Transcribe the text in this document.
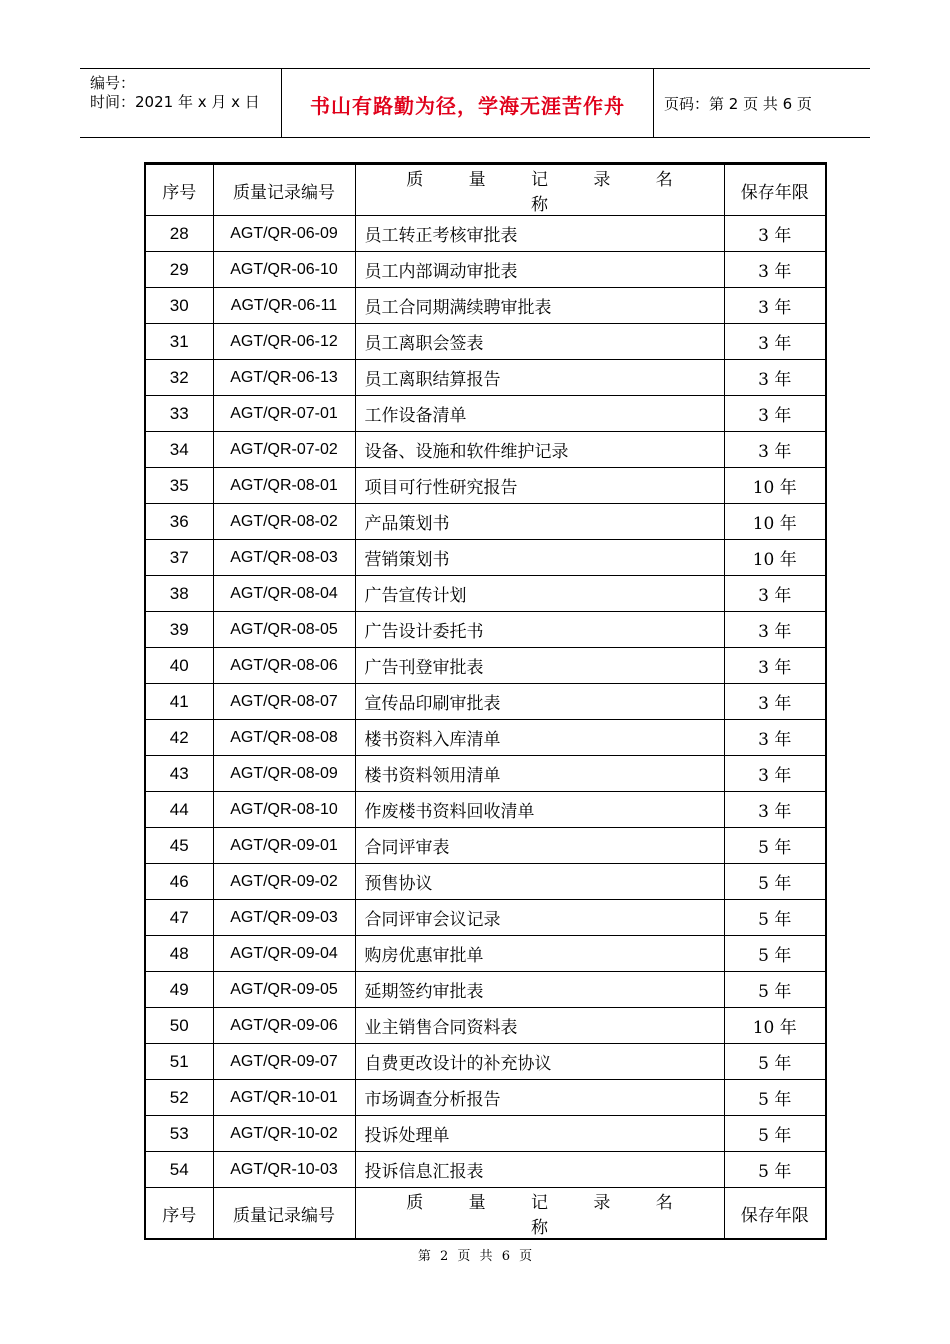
编号：
时间：2021 年 x 月 x 日	书山有路勤为径，学海无涯苦作舟	页码：第 2 页 共 6 页
序号	质量记录编号	质 量 记 录 名 称	保存年限
28	AGT/QR-06-09	员工转正考核审批表	3 年
29	AGT/QR-06-10	员工内部调动审批表	3 年
30	AGT/QR-06-11	员工合同期满续聘审批表	3 年
31	AGT/QR-06-12	员工离职会签表	3 年
32	AGT/QR-06-13	员工离职结算报告	3 年
33	AGT/QR-07-01	工作设备清单	3 年
34	AGT/QR-07-02	设备、设施和软件维护记录	3 年
35	AGT/QR-08-01	项目可行性研究报告	10 年
36	AGT/QR-08-02	产品策划书	10 年
37	AGT/QR-08-03	营销策划书	10 年
38	AGT/QR-08-04	广告宣传计划	3 年
39	AGT/QR-08-05	广告设计委托书	3 年
40	AGT/QR-08-06	广告刊登审批表	3 年
41	AGT/QR-08-07	宣传品印刷审批表	3 年
42	AGT/QR-08-08	楼书资料入库清单	3 年
43	AGT/QR-08-09	楼书资料领用清单	3 年
44	AGT/QR-08-10	作废楼书资料回收清单	3 年
45	AGT/QR-09-01	合同评审表	5 年
46	AGT/QR-09-02	预售协议	5 年
47	AGT/QR-09-03	合同评审会议记录	5 年
48	AGT/QR-09-04	购房优惠审批单	5 年
49	AGT/QR-09-05	延期签约审批表	5 年
50	AGT/QR-09-06	业主销售合同资料表	10 年
51	AGT/QR-09-07	自费更改设计的补充协议	5 年
52	AGT/QR-10-01	市场调查分析报告	5 年
53	AGT/QR-10-02	投诉处理单	5 年
54	AGT/QR-10-03	投诉信息汇报表	5 年
序号	质量记录编号	质 量 记 录 名 称	保存年限
第 2 页 共 6 页
